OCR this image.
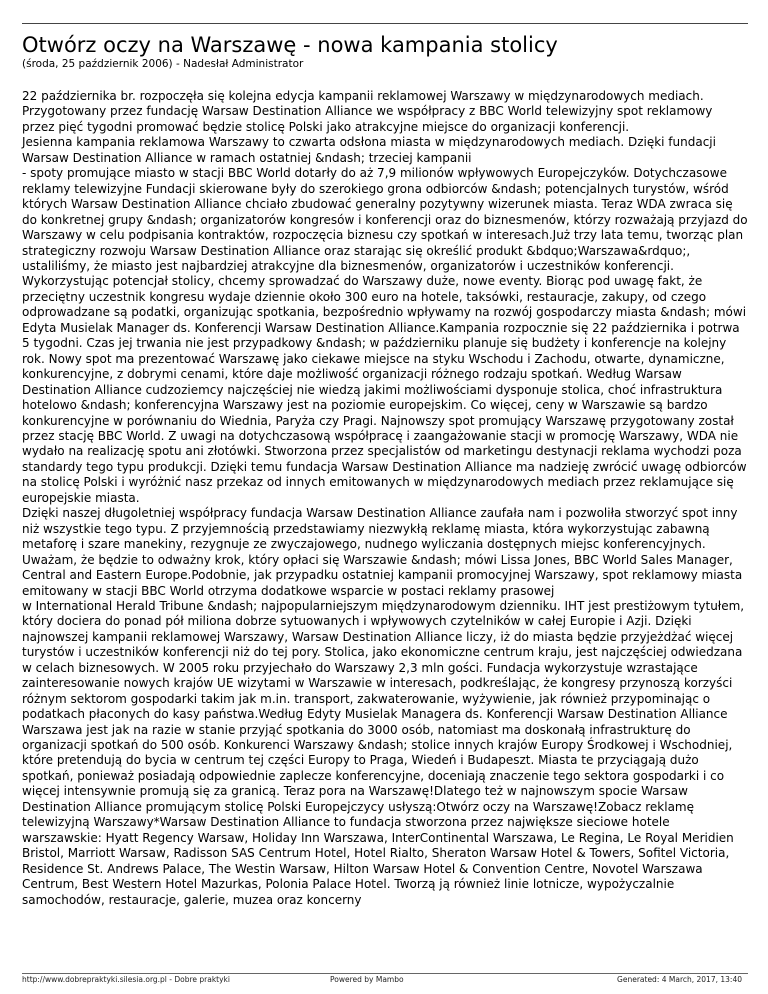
Otwórz oczy na Warszawę - nowa kampania stolicy
(środa, 25 październik 2006) - Nadesłał Administrator

22 października br. rozpoczęła się kolejna edycja kampanii reklamowej Warszawy w międzynarodowych mediach. Przygotowany przez fundację Warsaw Destination Alliance we współpracy z BBC World telewizyjny spot reklamowy przez pięć tygodni promować będzie stolicę Polski jako atrakcyjne miejsce do organizacji konferencji.

Jesienna kampania reklamowa Warszawy to czwarta odsłona miasta w międzynarodowych mediach. Dzięki fundacji Warsaw Destination Alliance w ramach ostatniej &ndash; trzeciej kampanii

- spoty promujące miasto w stacji BBC World dotarły do aż 7,9 milionów wpływowych Europejczyków. Dotychczasowe reklamy telewizyjne Fundacji skierowane były do szerokiego grona odbiorców &ndash; potencjalnych turystów, wśród których Warsaw Destination Alliance chciało zbudować generalny pozytywny wizerunek miasta. Teraz WDA zwraca się do konkretnej grupy &ndash; organizatorów kongresów i konferencji oraz do biznesmenów, którzy rozważają przyjazd do Warszawy w celu podpisania kontraktów, rozpoczęcia biznesu czy spotkań w interesach.Już trzy lata temu, tworząc plan strategiczny rozwoju Warsaw Destination Alliance oraz starając się określić produkt &bdquo;Warszawa&rdquo;, ustaliliśmy, że miasto jest najbardziej atrakcyjne dla biznesmenów, organizatorów i uczestników konferencji. Wykorzystując potencjał stolicy, chcemy sprowadzać do Warszawy duże, nowe eventy. Biorąc pod uwagę fakt, że przeciętny uczestnik kongresu wydaje dziennie około 300 euro na hotele, taksówki, restauracje, zakupy, od czego odprowadzane są podatki, organizując spotkania, bezpośrednio wpływamy na rozwój gospodarczy miasta &ndash; mówi Edyta Musielak Manager ds. Konferencji Warsaw Destination Alliance.Kampania rozpocznie się 22 października i potrwa 5 tygodni. Czas jej trwania nie jest przypadkowy &ndash; w październiku planuje się budżety i konferencje na kolejny rok. Nowy spot ma prezentować Warszawę jako ciekawe miejsce na styku Wschodu i Zachodu, otwarte, dynamiczne, konkurencyjne, z dobrymi cenami, które daje możliwość organizacji różnego rodzaju spotkań. Według Warsaw Destination Alliance cudzoziemcy najczęściej nie wiedzą jakimi możliwościami dysponuje stolica, choć infrastruktura hotelowo &ndash; konferencyjna Warszawy jest na poziomie europejskim. Co więcej, ceny w Warszawie są bardzo konkurencyjne w porównaniu do Wiednia, Paryża czy Pragi. Najnowszy spot promujący Warszawę przygotowany został przez stację BBC World. Z uwagi na dotychczasową współpracę i zaangażowanie stacji w promocję Warszawy, WDA nie wydało na realizację spotu ani złotówki. Stworzona przez specjalistów od marketingu destynacji reklama wychodzi poza standardy tego typu produkcji. Dzięki temu fundacja Warsaw Destination Alliance ma nadzieję zwrócić uwagę odbiorców na stolicę Polski i wyróżnić nasz przekaz od innych emitowanych w międzynarodowych mediach przez reklamujące się europejskie miasta.

Dzięki naszej długoletniej współpracy fundacja Warsaw Destination Alliance zaufała nam i pozwoliła stworzyć spot inny niż wszystkie tego typu. Z przyjemnością przedstawiamy niezwykłą reklamę miasta, która wykorzystując zabawną metaforę i szare manekiny, rezygnuje ze zwyczajowego, nudnego wyliczania dostępnych miejsc konferencyjnych. Uważam, że będzie to odważny krok, który opłaci się Warszawie &ndash; mówi Lissa Jones, BBC World Sales Manager, Central and Eastern Europe.Podobnie, jak przypadku ostatniej kampanii promocyjnej Warszawy, spot reklamowy miasta emitowany w stacji BBC World otrzyma dodatkowe wsparcie w postaci reklamy prasowej

w International Herald Tribune &ndash; najpopularniejszym międzynarodowym dzienniku. IHT jest prestiżowym tytułem, który dociera do ponad pół miliona dobrze sytuowanych i wpływowych czytelników w całej Europie i Azji. Dzięki najnowszej kampanii reklamowej Warszawy, Warsaw Destination Alliance liczy, iż do miasta będzie przyjeżdżać więcej turystów i uczestników konferencji niż do tej pory. Stolica, jako ekonomiczne centrum kraju, jest najczęściej odwiedzana w celach biznesowych. W 2005 roku przyjechało do Warszawy 2,3 mln gości. Fundacja wykorzystuje wzrastające zainteresowanie nowych krajów UE wizytami w Warszawie w interesach, podkreślając, że kongresy przynoszą korzyści różnym sektorom gospodarki takim jak m.in. transport, zakwaterowanie, wyżywienie, jak również przypominając o podatkach płaconych do kasy państwa.Według Edyty Musielak Managera ds. Konferencji Warsaw Destination Alliance Warszawa jest jak na razie w stanie przyjąć spotkania do 3000 osób, natomiast ma doskonałą infrastrukturę do organizacji spotkań do 500 osób. Konkurenci Warszawy &ndash; stolice innych krajów Europy Środkowej i Wschodniej, które pretendują do bycia w centrum tej części Europy to Praga, Wiedeń i Budapeszt. Miasta te przyciągają dużo spotkań, ponieważ posiadają odpowiednie zaplecze konferencyjne, doceniają znaczenie tego sektora gospodarki i co więcej intensywnie promują się za granicą. Teraz pora na Warszawę!Dlatego też w najnowszym spocie Warsaw Destination Alliance promującym stolicę Polski Europejczycy usłyszą:Otwórz oczy na Warszawę!Zobacz reklamę telewizyjną Warszawy*Warsaw Destination Alliance to fundacja stworzona przez największe sieciowe hotele warszawskie: Hyatt Regency Warsaw, Holiday Inn Warszawa, InterContinental Warszawa, Le Regina, Le Royal Meridien Bristol, Marriott Warsaw, Radisson SAS Centrum Hotel, Hotel Rialto, Sheraton Warsaw Hotel & Towers, Sofitel Victoria, Residence St. Andrews Palace, The Westin Warsaw, Hilton Warsaw Hotel & Convention Centre, Novotel Warszawa Centrum, Best Western Hotel Mazurkas, Polonia Palace Hotel. Tworzą ją również linie lotnicze, wypożyczalnie samochodów, restauracje, galerie, muzea oraz koncerny

http://www.dobrepraktyki.silesia.org.pl - Dobre praktyki	Powered by Mambo	Generated: 4 March, 2017, 13:40
